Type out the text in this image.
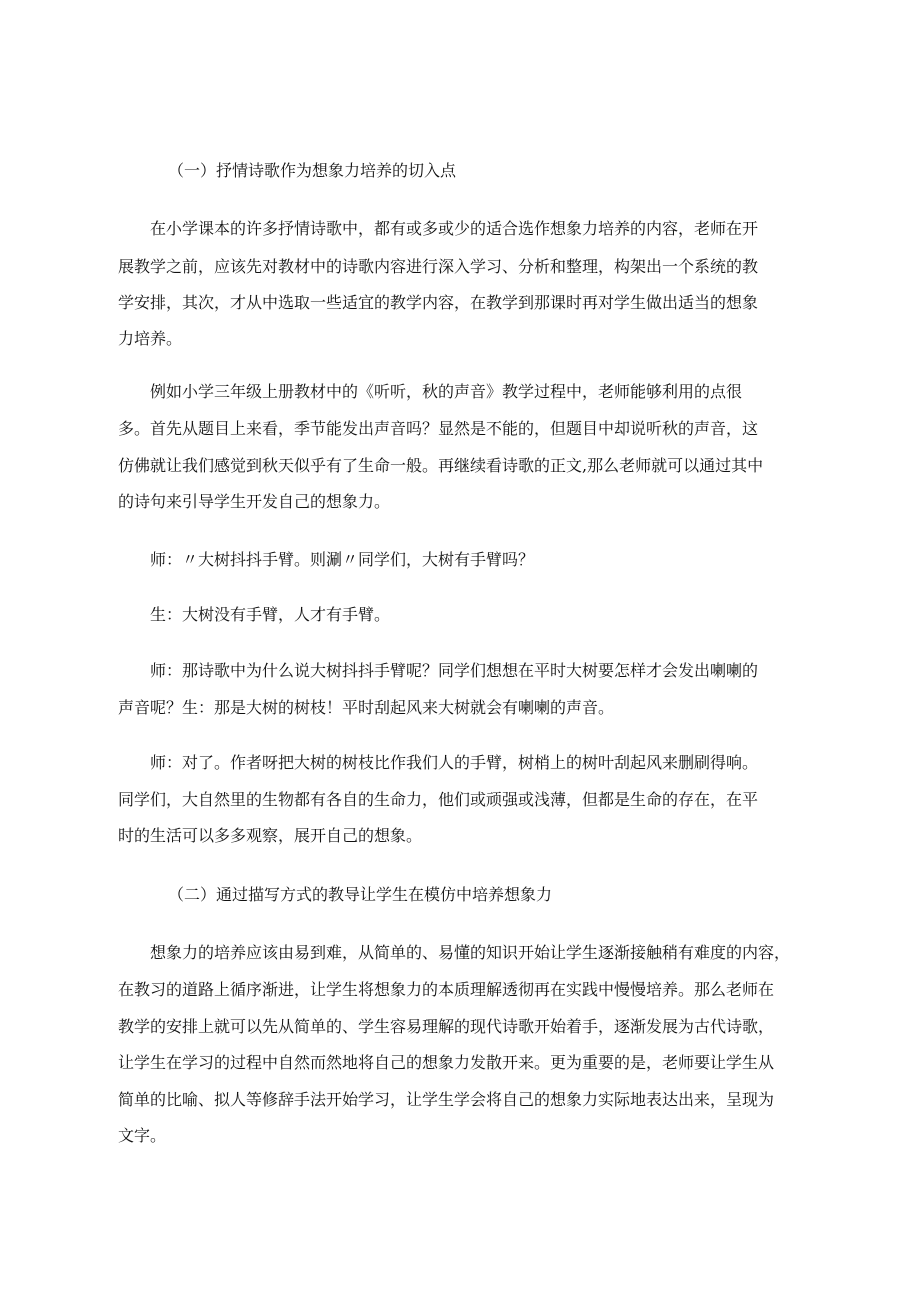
（一）抒情诗歌作为想象力培养的切入点

在小学课本的许多抒情诗歌中，都有或多或少的适合选作想象力培养的内容，老师在开

展教学之前，应该先对教材中的诗歌内容进行深入学习、分析和整理，构架出一个系统的教

学安排，其次，才从中选取一些适宜的教学内容，在教学到那课时再对学生做出适当的想象

力培养。

例如小学三年级上册教材中的《听听，秋的声音》教学过程中，老师能够利用的点很

多。首先从题目上来看，季节能发出声音吗？显然是不能的，但题目中却说听秋的声音，这

仿佛就让我们感觉到秋天似乎有了生命一般。再继续看诗歌的正文,那么老师就可以通过其中

的诗句来引导学生开发自己的想象力。

师：〃大树抖抖手臂。则涮〃同学们，大树有手臂吗？

生：大树没有手臂，人才有手臂。

师：那诗歌中为什么说大树抖抖手臂呢？同学们想想在平时大树要怎样才会发出喇喇的

声音呢？生：那是大树的树枝！平时刮起风来大树就会有喇喇的声音。

师：对了。作者呀把大树的树枝比作我们人的手臂，树梢上的树叶刮起风来删刷得响。

同学们，大自然里的生物都有各自的生命力，他们或顽强或浅薄，但都是生命的存在，在平

时的生活可以多多观察，展开自己的想象。

（二）通过描写方式的教导让学生在模仿中培养想象力

想象力的培养应该由易到难，从简单的、易懂的知识开始让学生逐渐接触稍有难度的内容，

在教习的道路上循序渐进，让学生将想象力的本质理解透彻再在实践中慢慢培养。那么老师在

教学的安排上就可以先从简单的、学生容易理解的现代诗歌开始着手，逐渐发展为古代诗歌，

让学生在学习的过程中自然而然地将自己的想象力发散开来。更为重要的是，老师要让学生从

简单的比喻、拟人等修辞手法开始学习，让学生学会将自己的想象力实际地表达出来，呈现为

文字。
